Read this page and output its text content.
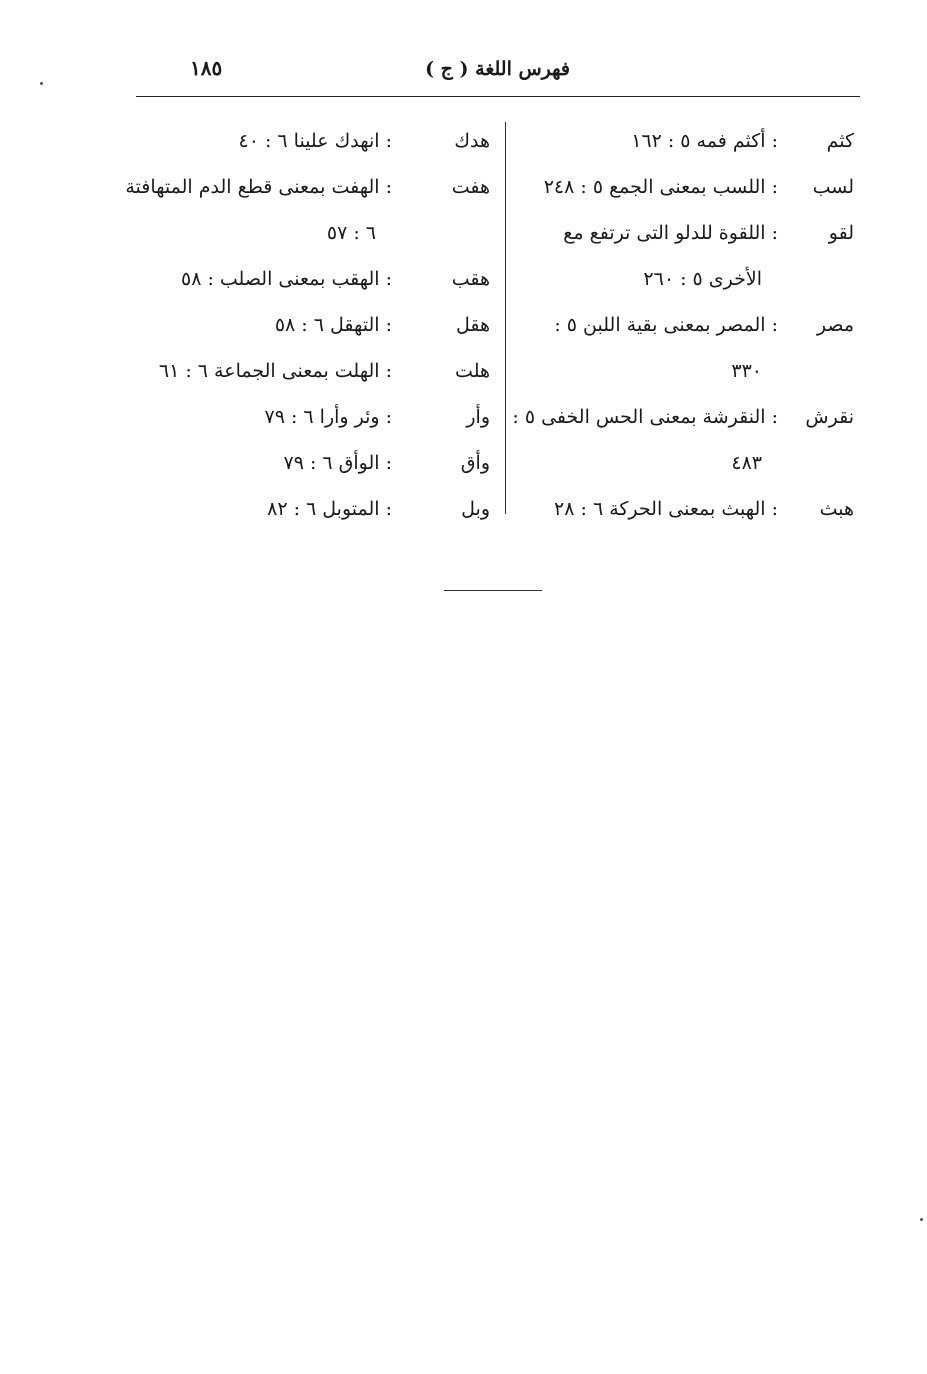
فهرس اللغة ( ج )
١٨٥
كثم
: أكثم فمه ٥ : ١٦٢
لسب
: اللسب بمعنى الجمع ٥ : ٢٤٨
لقو
: اللقوة للدلو التى ترتفع مع
الأخرى ٥ : ٢٦٠
مصر
: المصر بمعنى بقية اللبن ٥ :
٣٣٠
نقرش
: النقرشة بمعنى الحس الخفى ٥ :
٤٨٣
هبث
: الهبث بمعنى الحركة ٦ : ٢٨
هدك
: انهدك علينا ٦ : ٤٠
هفت
: الهفت بمعنى قطع الدم المتهافتة
٦ : ٥٧
هقب
: الهقب بمعنى الصلب : ٥٨
هقل
: التهقل ٦ : ٥٨
هلت
: الهلت بمعنى الجماعة ٦ : ٦١
وأر
: وئر وأرا ٦ : ٧٩
وأق
: الوأق ٦ : ٧٩
وبل
: المتوبل ٦ : ٨٢
